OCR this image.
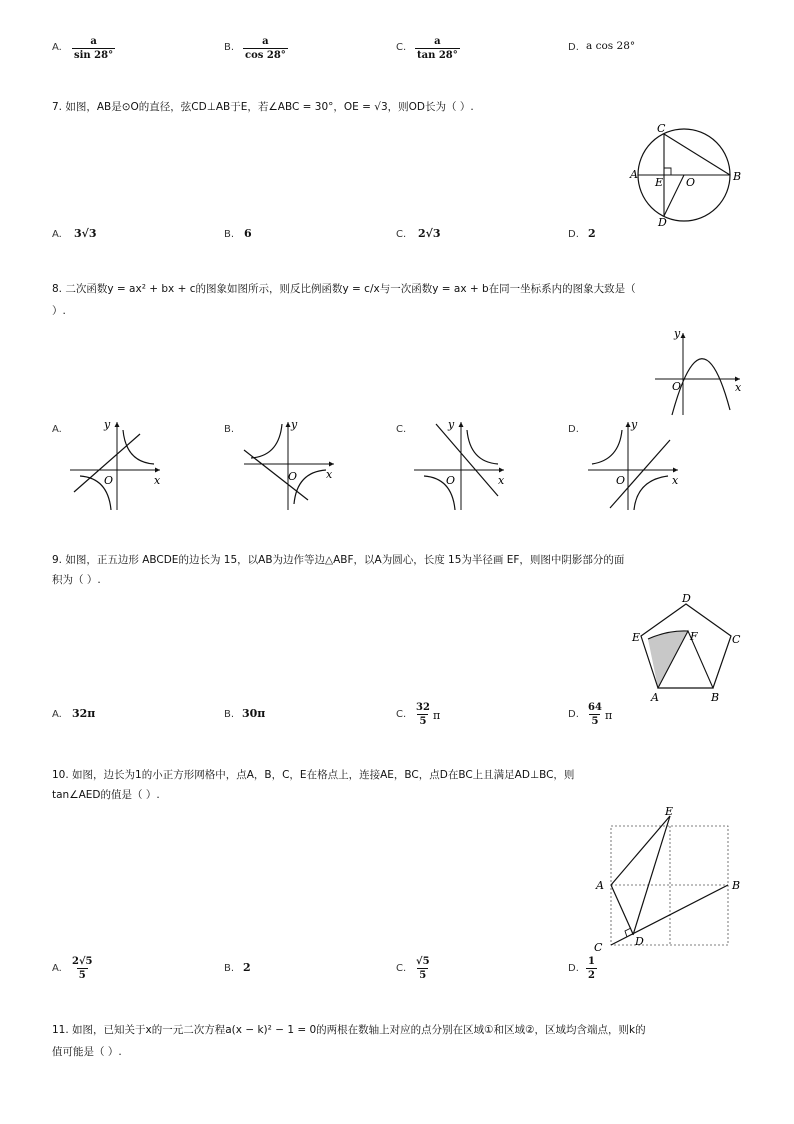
A. $\frac{a}{\sin 28^\circ}$	B. $\frac{a}{\cos 28^\circ}$	C. $\frac{a}{\tan 28^\circ}$	D. a cos 28°
7. 如图，AB是⊙O的直径，弦CD⊥AB于E，若∠ABC = 30°，OE = √3，则OD长为（ ）.
C
A	B
E O
D
A. 3√3	B. 6	C. 2√3	D. 2
8. 二次函数y = ax² + bx + c的图象如图所示，则反比例函数y = c/x与一次函数y = ax + b在同一坐标系内的图象大致是（
）.
y
O	x
A.	y
O	x
B.	y
O	x
C.	y
O	x
D.	y
O	x
9. 如图，正五边形 ABCDE的边长为 15，以AB为边作等边△ABF，以A为圆心，长度 15为半径画 EF，则图中阴影部分的面
积为（ ）.
D
E	F	C
A	B
A. 32π	B. 30π	C. $\frac{32}{5}$ π	D. $\frac{64}{5}$ π
10. 如图，边长为1的小正方形网格中，点A，B，C，E在格点上，连接AE，BC，点D在BC上且满足AD⊥BC，则
tan∠AED的值是（ ）.
E
A	B
C	D
A. $\frac{2√5}{5}$	B. 2	C. $\frac{√5}{5}$	D. $\frac{1}{2}$
11. 如图，已知关于x的一元二次方程a(x − k)² − 1 = 0的两根在数轴上对应的点分别在区域①和区域②，区域均含端点，则k的
值可能是（ ）.
